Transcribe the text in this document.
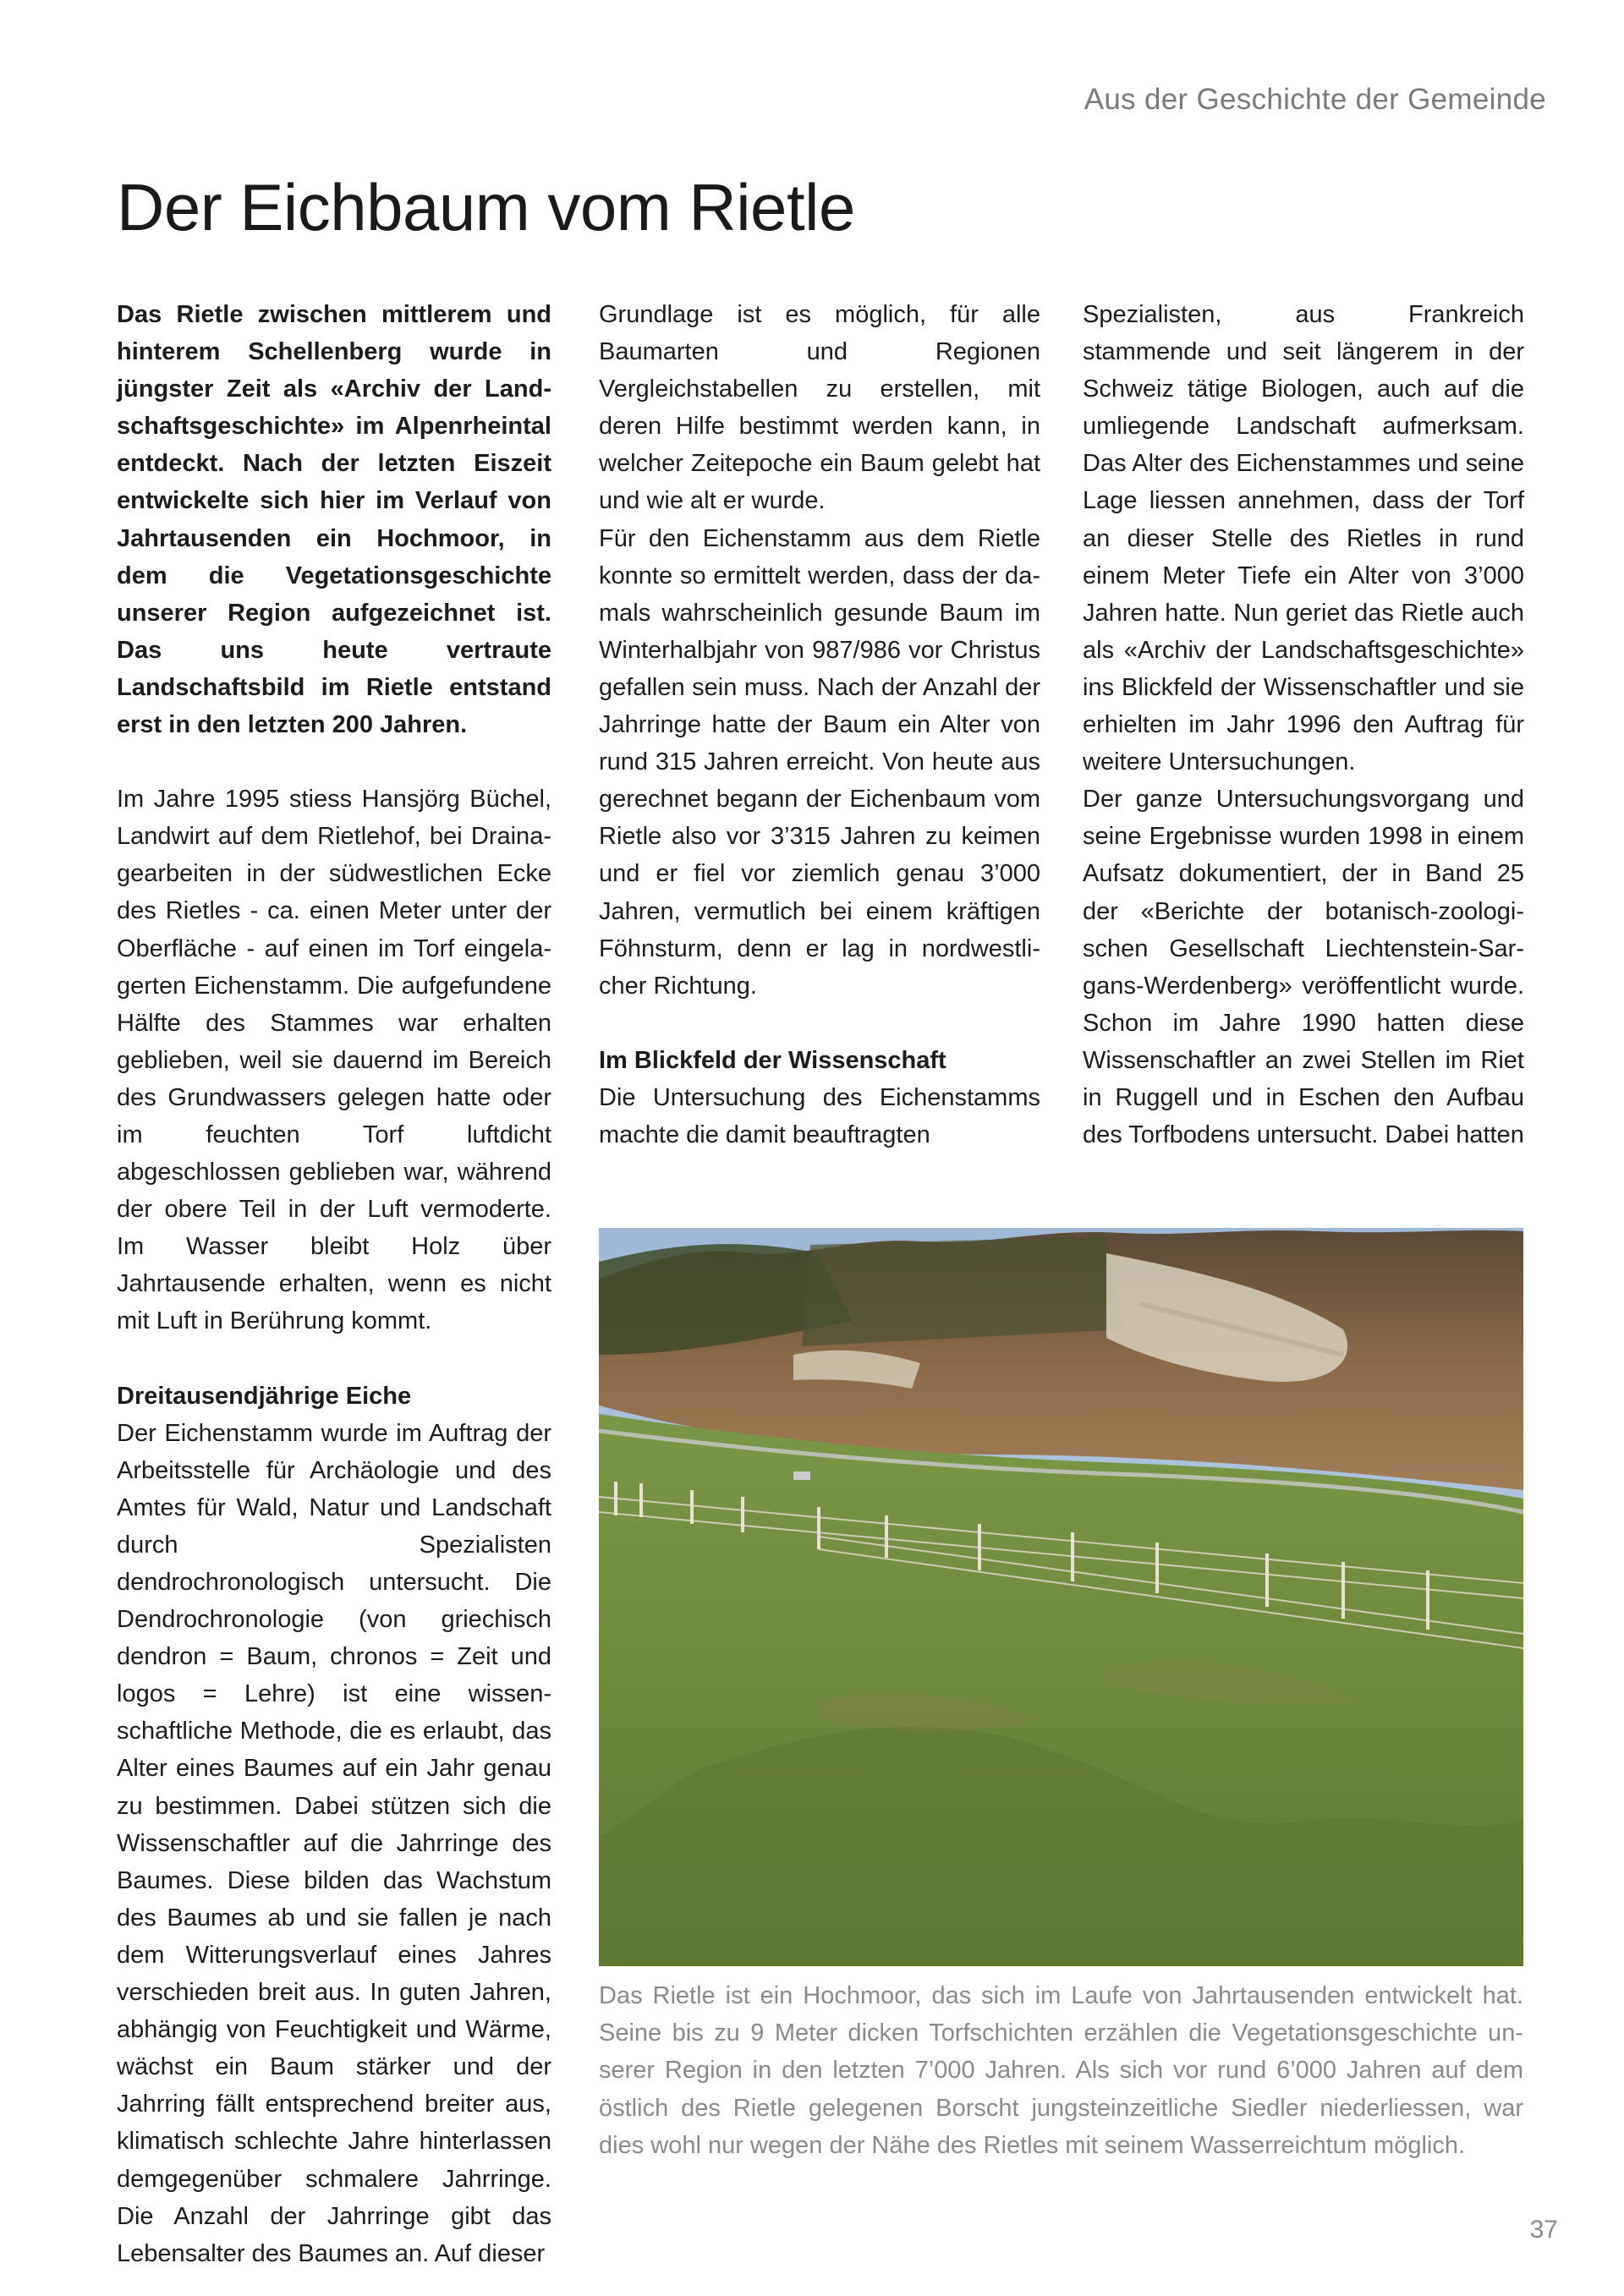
Aus der Geschichte der Gemeinde
Der Eichbaum vom Rietle

Das Rietle zwischen mittlerem und hinterem Schellenberg wurde in jüngster Zeit als «Archiv der Landschaftsgeschichte» im Alpenrheintal entdeckt. Nach der letzten Eiszeit entwickelte sich hier im Verlauf von Jahrtausenden ein Hochmoor, in dem die Vegetationsgeschichte unserer Region aufgezeichnet ist. Das uns heute vertraute Landschaftsbild im Rietle entstand erst in den letzten 200 Jahren.

Im Jahre 1995 stiess Hansjörg Büchel, Landwirt auf dem Rietlehof, bei Drainagearbeiten in der südwestlichen Ecke des Rietles - ca. einen Meter unter der Oberfläche - auf einen im Torf eingelagerten Eichenstamm. Die aufgefundene Hälfte des Stammes war erhalten geblieben, weil sie dauernd im Bereich des Grundwassers gelegen hatte oder im feuchten Torf luftdicht abgeschlossen geblieben war, während der obere Teil in der Luft vermoderte. Im Wasser bleibt Holz über Jahrtausende erhalten, wenn es nicht mit Luft in Berührung kommt.

Dreitausendjährige Eiche

Der Eichenstamm wurde im Auftrag der Arbeitsstelle für Archäologie und des Amtes für Wald, Natur und Landschaft durch Spezialisten dendrochronologisch untersucht. Die Dendrochronologie (von griechisch dendron = Baum, chronos = Zeit und logos = Lehre) ist eine wissenschaftliche Methode, die es erlaubt, das Alter eines Baumes auf ein Jahr genau zu bestimmen. Dabei stützen sich die Wissenschaftler auf die Jahrringe des Baumes. Diese bilden das Wachstum des Baumes ab und sie fallen je nach dem Witterungsverlauf eines Jahres verschieden breit aus. In guten Jahren, abhängig von Feuchtigkeit und Wärme, wächst ein Baum stärker und der Jahrring fällt entsprechend breiter aus, klimatisch schlechte Jahre hinterlassen demgegenüber schmalere Jahrringe. Die Anzahl der Jahrringe gibt das Lebensalter des Baumes an. Auf dieser

Grundlage ist es möglich, für alle Baumarten und Regionen Vergleichstabellen zu erstellen, mit deren Hilfe bestimmt werden kann, in welcher Zeitepoche ein Baum gelebt hat und wie alt er wurde.

Für den Eichenstamm aus dem Rietle konnte so ermittelt werden, dass der damals wahrscheinlich gesunde Baum im Winterhalbjahr von 987/986 vor Christus gefallen sein muss. Nach der Anzahl der Jahrringe hatte der Baum ein Alter von rund 315 Jahren erreicht. Von heute aus gerechnet begann der Eichenbaum vom Rietle also vor 3’315 Jahren zu keimen und er fiel vor ziemlich genau 3’000 Jahren, vermutlich bei einem kräftigen Föhnsturm, denn er lag in nordwestlicher Richtung.

Im Blickfeld der Wissenschaft

Die Untersuchung des Eichenstamms machte die damit beauftragten

Spezialisten, aus Frankreich stammende und seit längerem in der Schweiz tätige Biologen, auch auf die umliegende Landschaft aufmerksam. Das Alter des Eichenstammes und seine Lage liessen annehmen, dass der Torf an dieser Stelle des Rietles in rund einem Meter Tiefe ein Alter von 3’000 Jahren hatte. Nun geriet das Rietle auch als «Archiv der Landschaftsgeschichte» ins Blickfeld der Wissenschaftler und sie erhielten im Jahr 1996 den Auftrag für weitere Untersuchungen.

Der ganze Untersuchungsvorgang und seine Ergebnisse wurden 1998 in einem Aufsatz dokumentiert, der in Band 25 der «Berichte der botanisch-zoologischen Gesellschaft Liechtenstein-Sargans-Werdenberg» veröffentlicht wurde. Schon im Jahre 1990 hatten diese Wissenschaftler an zwei Stellen im Riet in Ruggell und in Eschen den Aufbau des Torfbodens untersucht. Dabei hatten

Das Rietle ist ein Hochmoor, das sich im Laufe von Jahrtausenden entwickelt hat. Seine bis zu 9 Meter dicken Torfschichten erzählen die Vegetationsgeschichte unserer Region in den letzten 7’000 Jahren. Als sich vor rund 6’000 Jahren auf dem östlich des Rietle gelegenen Borscht jungsteinzeitliche Siedler niederliessen, war dies wohl nur wegen der Nähe des Rietles mit seinem Wasserreichtum möglich.
37
